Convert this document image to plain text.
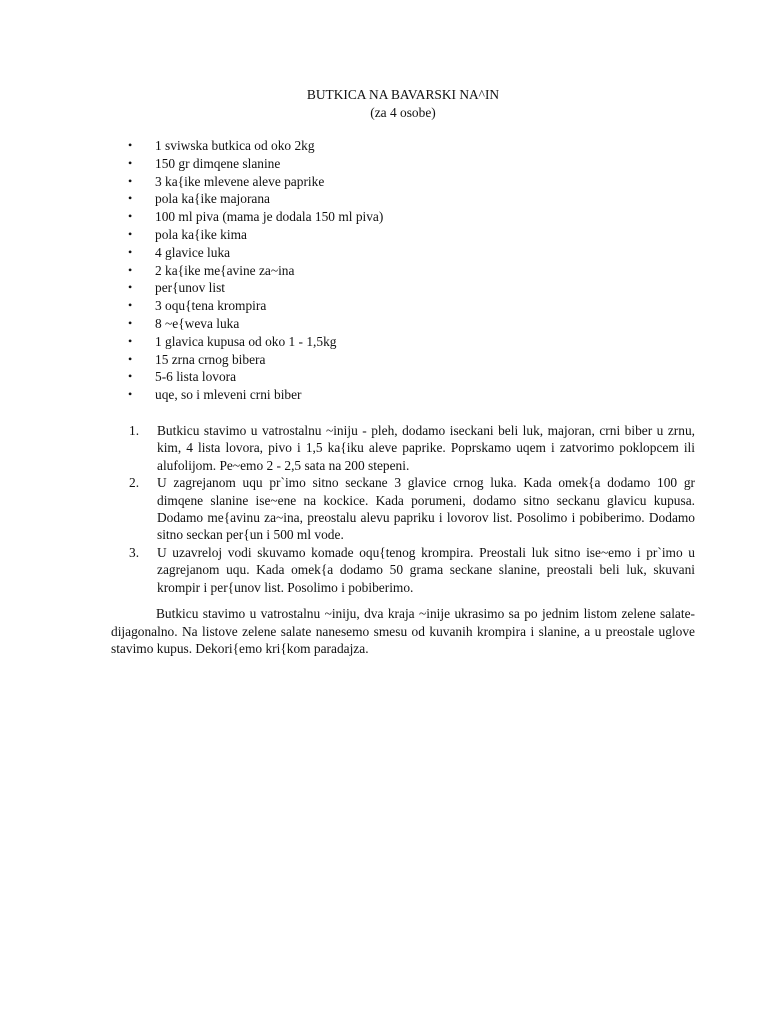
BUTKICA NA BAVARSKI NA^IN
(za 4 osobe)
• 1 sviwska butkica od oko 2kg
• 150 gr dimqene slanine
• 3 ka{ike mlevene aleve paprike
• pola ka{ike majorana
• 100 ml piva (mama je dodala 150 ml piva)
• pola ka{ike kima
• 4 glavice luka
• 2 ka{ike me{avine za~ina
• per{unov list
• 3 oqu{tena krompira
• 8 ~e{weva luka
• 1 glavica kupusa od oko 1 - 1,5kg
• 15 zrna crnog bibera
• 5-6 lista lovora
• uqe, so i mleveni crni biber
1. Butkicu stavimo u vatrostalnu ~iniju - pleh, dodamo iseckani beli luk, majoran, crni biber u zrnu, kim, 4 lista lovora, pivo i 1,5 ka{iku aleve paprike. Poprskamo uqem i zatvorimo poklopcem ili alufolijom. Pe~emo 2 - 2,5 sata na 200 stepeni.
2. U zagrejanom uqu pr`imo sitno seckane 3 glavice crnog luka. Kada omek{a dodamo 100 gr dimqene slanine ise~ene na kockice. Kada porumeni, dodamo sitno seckanu glavicu kupusa. Dodamo me{avinu za~ina, preostalu alevu papriku i lovorov list. Posolimo i pobiberimo. Dodamo sitno seckan per{un i 500 ml vode.
3. U uzavreloj vodi skuvamo komade oqu{tenog krompira. Preostali luk sitno ise~emo i pr`imo u zagrejanom uqu. Kada omek{a dodamo 50 grama seckane slanine, preostali beli luk, skuvani krompir i per{unov list. Posolimo i pobiberimo.

Butkicu stavimo u vatrostalnu ~iniju, dva kraja ~inije ukrasimo sa po jednim listom zelene salate-dijagonalno. Na listove zelene salate nanesemo smesu od kuvanih krompira i slanine, a u preostale uglove stavimo kupus. Dekori{emo kri{kom paradajza.
